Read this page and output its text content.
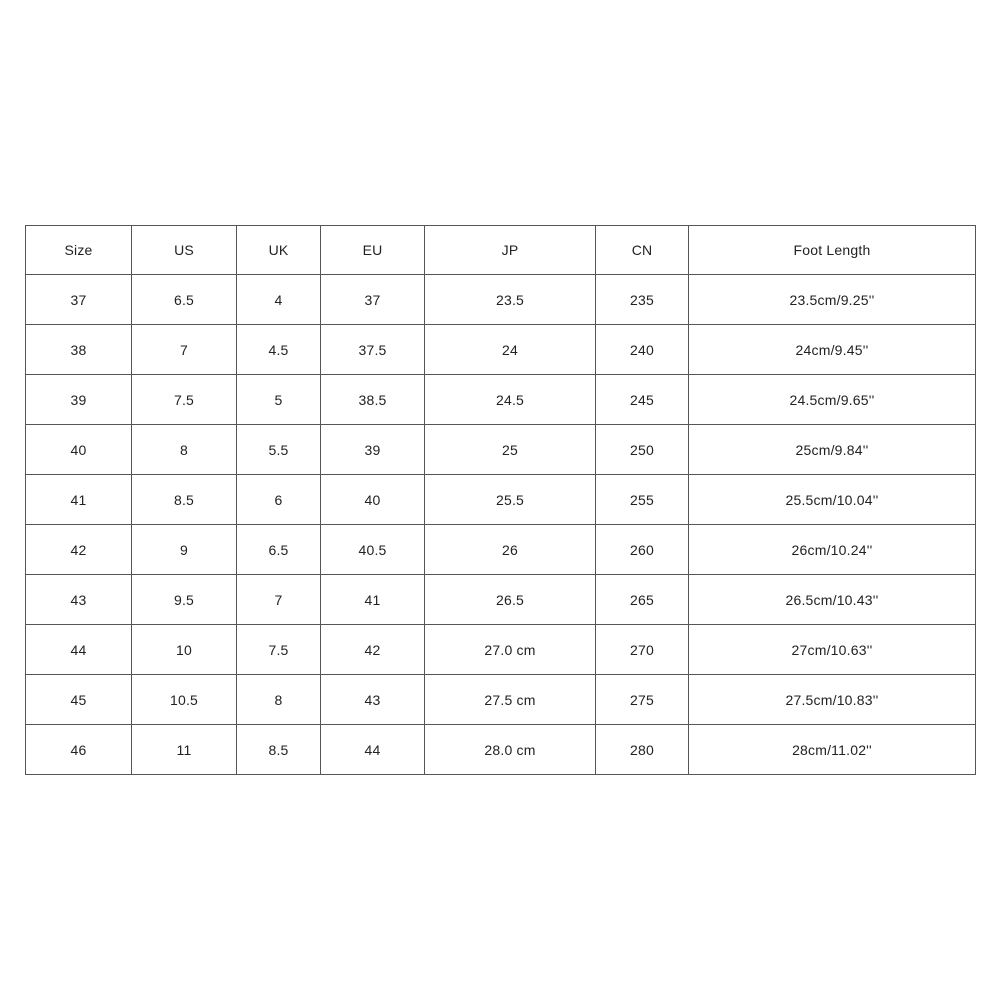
Size	US	UK	EU	JP	CN	Foot Length
37	6.5	4	37	23.5	235	23.5cm/9.25''
38	7	4.5	37.5	24	240	24cm/9.45''
39	7.5	5	38.5	24.5	245	24.5cm/9.65''
40	8	5.5	39	25	250	25cm/9.84''
41	8.5	6	40	25.5	255	25.5cm/10.04''
42	9	6.5	40.5	26	260	26cm/10.24''
43	9.5	7	41	26.5	265	26.5cm/10.43''
44	10	7.5	42	27.0 cm	270	27cm/10.63''
45	10.5	8	43	27.5 cm	275	27.5cm/10.83''
46	11	8.5	44	28.0 cm	280	28cm/11.02''
